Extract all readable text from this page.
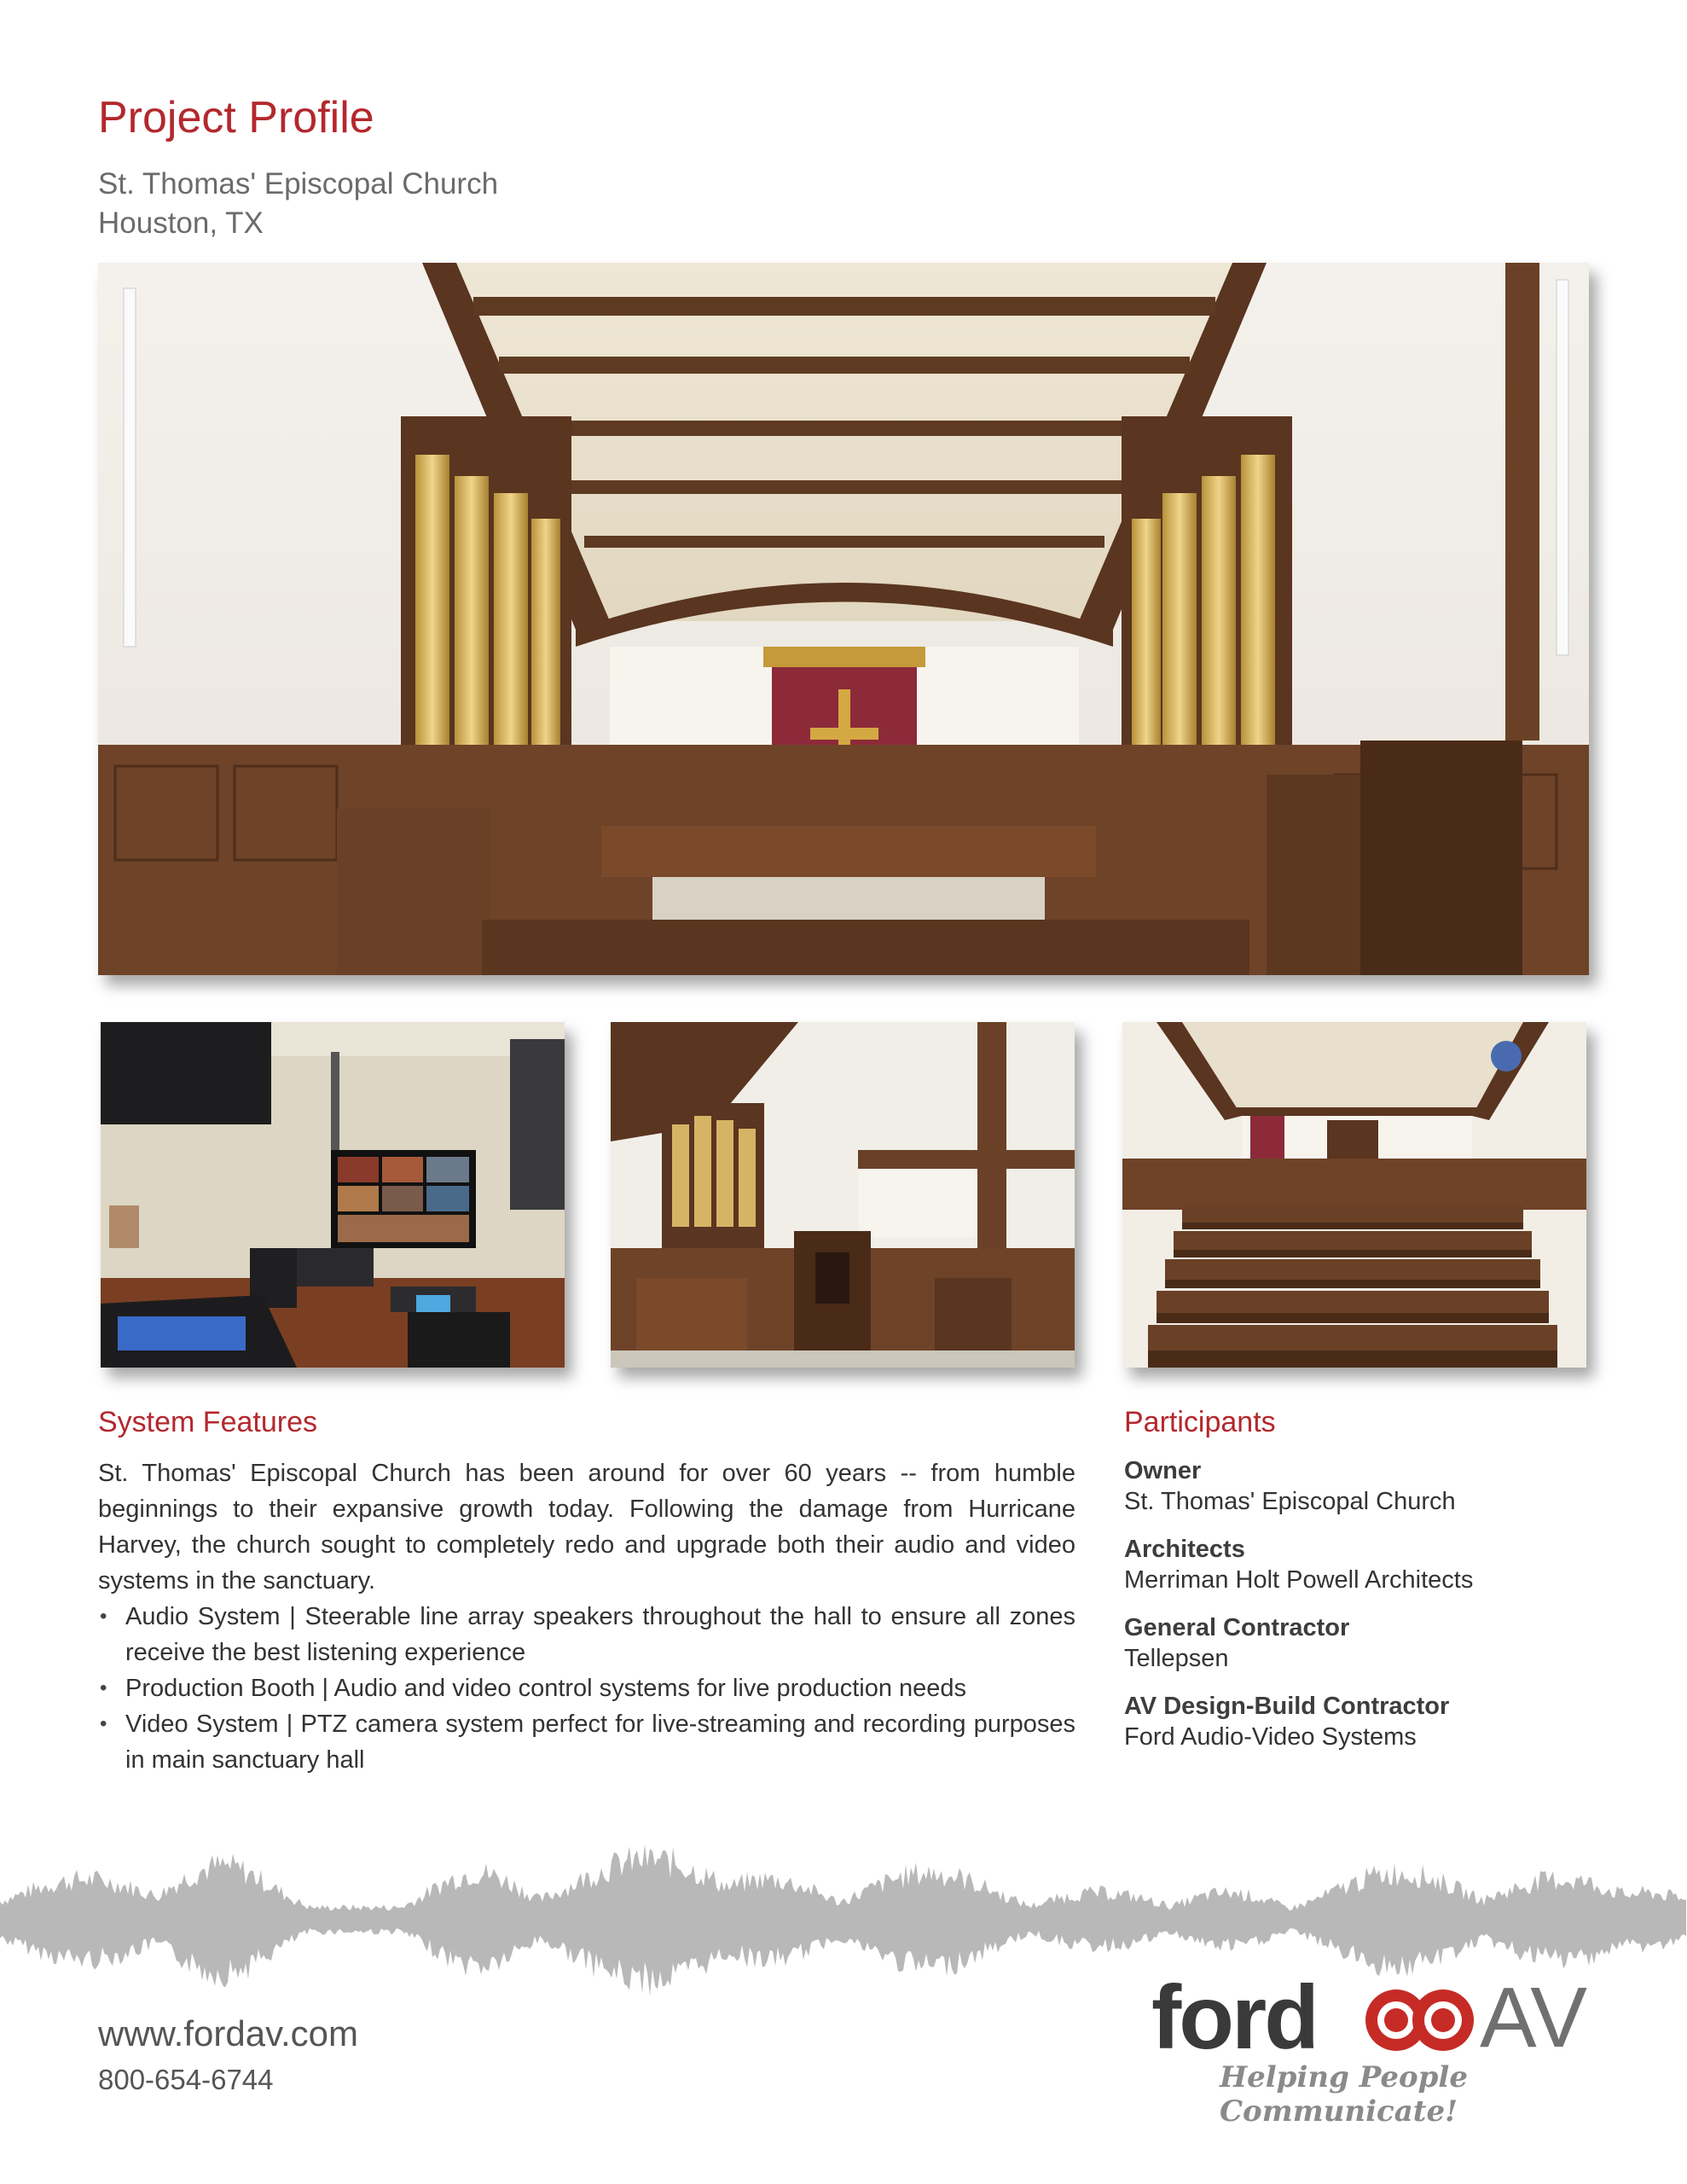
Project Profile
St. Thomas' Episcopal Church
Houston, TX
System Features
St. Thomas' Episcopal Church has been around for over 60 years -- from humble beginnings to their expansive growth today. Following the damage from Hurricane Harvey, the church sought to completely redo and upgrade both their audio and video systems in the sanctuary.
• Audio System | Steerable line array speakers throughout the hall to ensure all zones receive the best listening experience
• Production Booth | Audio and video control systems for live production needs
• Video System | PTZ camera system perfect for live-streaming and recording purposes in main sanctuary hall
Participants
Owner
St. Thomas' Episcopal Church
Architects
Merriman Holt Powell Architects
General Contractor
Tellepsen
AV Design-Build Contractor
Ford Audio-Video Systems
www.fordav.com
800-654-6744
ford AV
Helping People Communicate!
